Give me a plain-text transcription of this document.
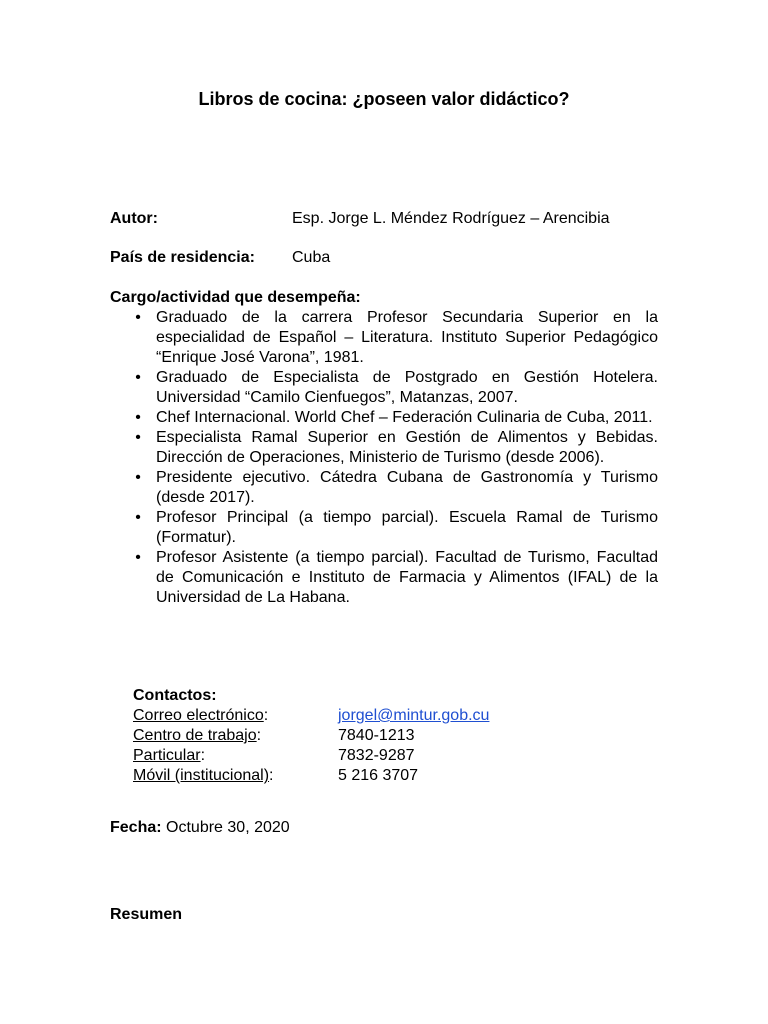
Libros de cocina: ¿poseen valor didáctico?
Autor:	Esp. Jorge L. Méndez Rodríguez – Arencibia
País de residencia: Cuba
Cargo/actividad que desempeña:
• Graduado de la carrera Profesor Secundaria Superior en la especialidad de Español – Literatura. Instituto Superior Pedagógico “Enrique José Varona”, 1981.
• Graduado de Especialista de Postgrado en Gestión Hotelera. Universidad “Camilo Cienfuegos”, Matanzas, 2007.
• Chef Internacional. World Chef – Federación Culinaria de Cuba, 2011.
• Especialista Ramal Superior en Gestión de Alimentos y Bebidas. Dirección de Operaciones, Ministerio de Turismo (desde 2006).
• Presidente ejecutivo. Cátedra Cubana de Gastronomía y Turismo (desde 2017).
• Profesor Principal (a tiempo parcial). Escuela Ramal de Turismo (Formatur).
• Profesor Asistente (a tiempo parcial). Facultad de Turismo, Facultad de Comunicación e Instituto de Farmacia y Alimentos (IFAL) de la Universidad de La Habana.
Contactos:
Correo electrónico:	jorgel@mintur.gob.cu
Centro de trabajo:	7840-1213
Particular:	7832-9287
Móvil (institucional):	5 216 3707
Fecha: Octubre 30, 2020
Resumen
